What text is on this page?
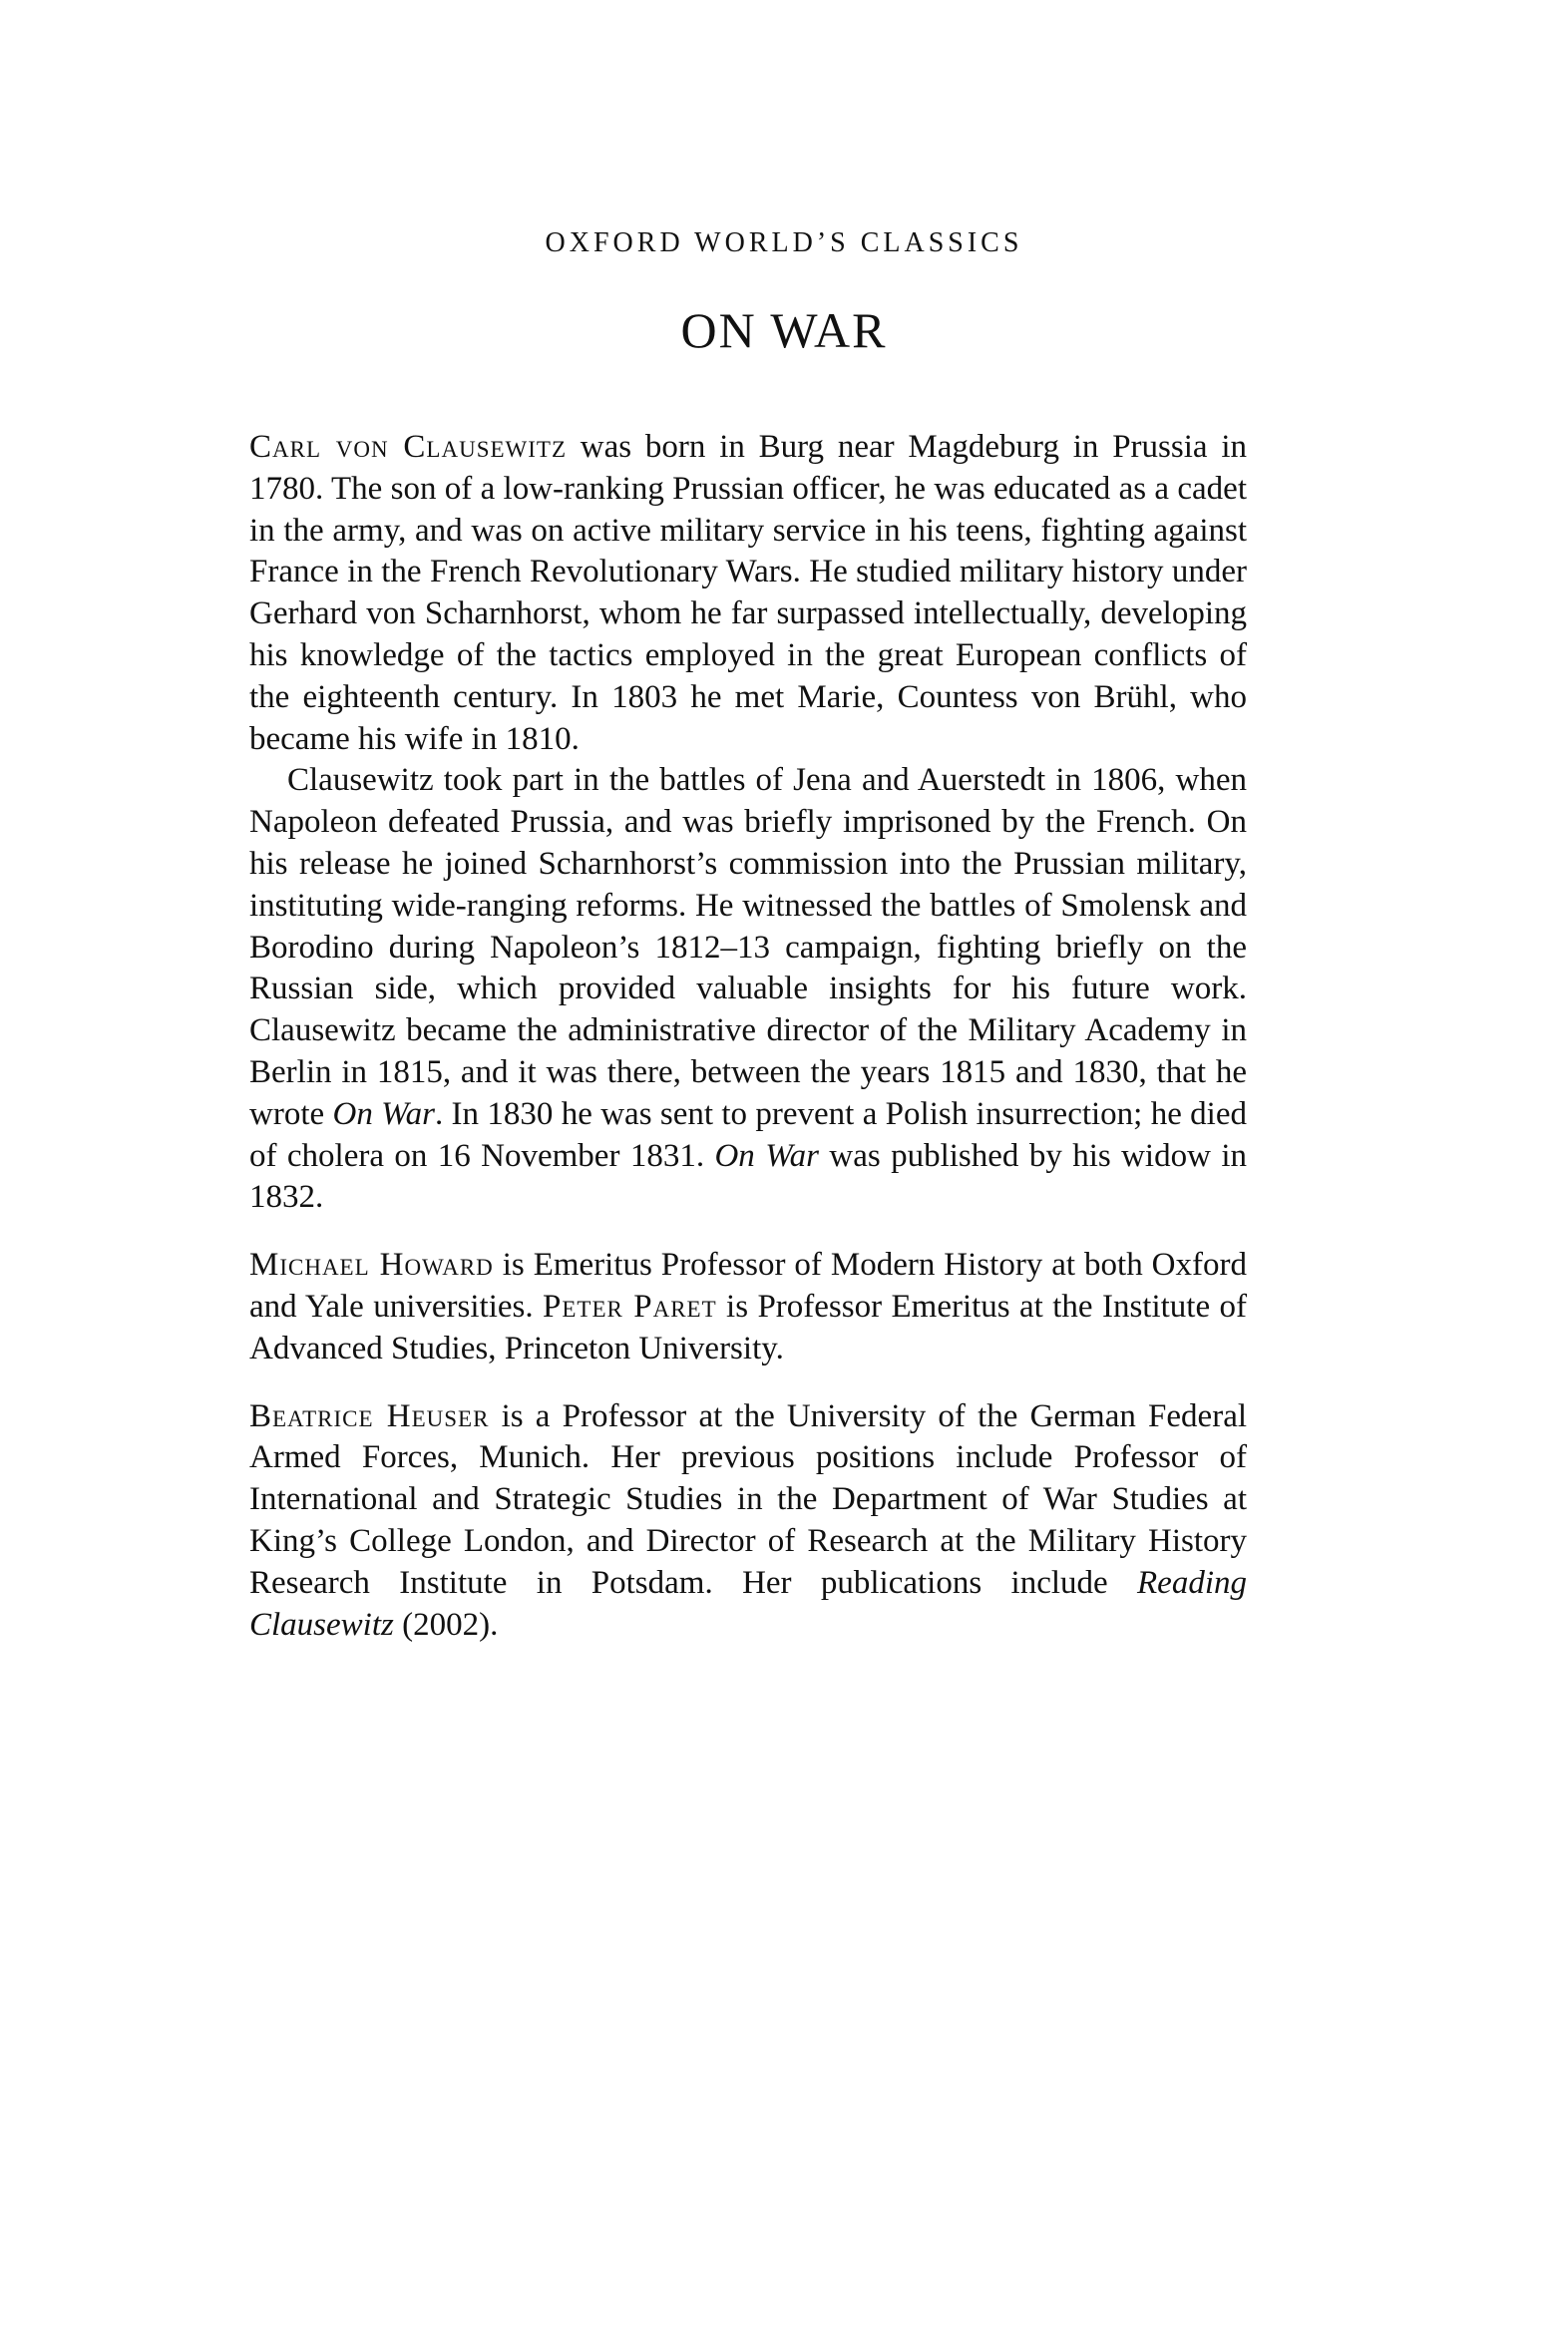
OXFORD WORLD’S CLASSICS
ON WAR

Carl von Clausewitz was born in Burg near Magdeburg in Prussia in 1780. The son of a low-ranking Prussian officer, he was educated as a cadet in the army, and was on active military service in his teens, fighting against France in the French Revolutionary Wars. He studied military history under Gerhard von Scharnhorst, whom he far surpassed intellectually, developing his knowledge of the tactics employed in the great European conflicts of the eighteenth century. In 1803 he met Marie, Countess von Brühl, who became his wife in 1810.

Clausewitz took part in the battles of Jena and Auerstedt in 1806, when Napoleon defeated Prussia, and was briefly imprisoned by the French. On his release he joined Scharnhorst’s commission into the Prussian military, instituting wide-ranging reforms. He witnessed the battles of Smolensk and Borodino during Napoleon’s 1812–13 campaign, fighting briefly on the Russian side, which provided valuable insights for his future work. Clausewitz became the administrative director of the Military Academy in Berlin in 1815, and it was there, between the years 1815 and 1830, that he wrote On War. In 1830 he was sent to prevent a Polish insurrection; he died of cholera on 16 November 1831. On War was published by his widow in 1832.

Michael Howard is Emeritus Professor of Modern History at both Oxford and Yale universities. Peter Paret is Professor Emeritus at the Institute of Advanced Studies, Princeton University.

Beatrice Heuser is a Professor at the University of the German Federal Armed Forces, Munich. Her previous positions include Professor of International and Strategic Studies in the Department of War Studies at King’s College London, and Director of Research at the Military History Research Institute in Potsdam. Her publications include Reading Clausewitz (2002).
